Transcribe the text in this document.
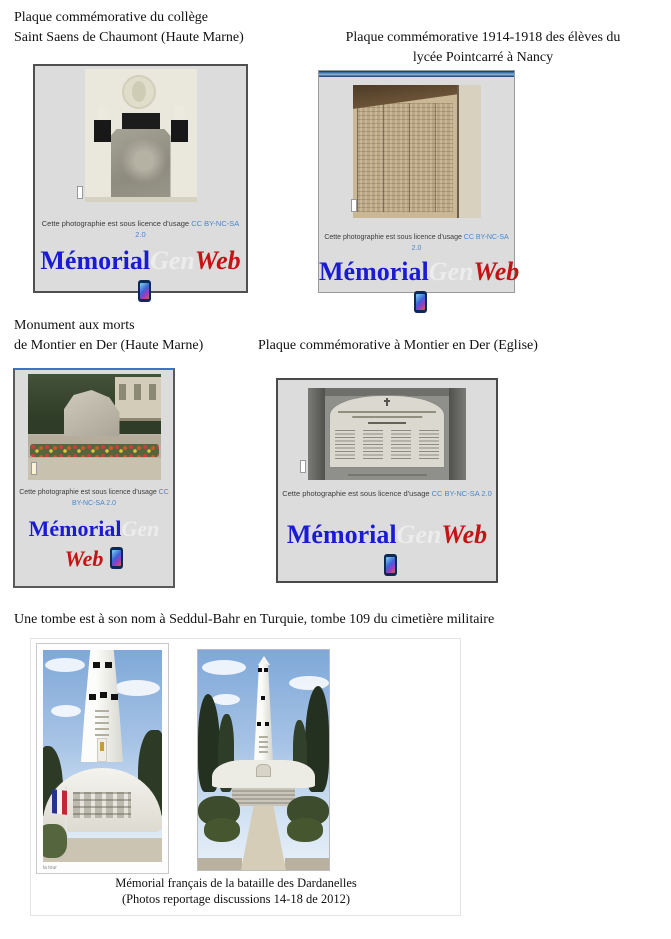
Plaque commémorative du collège
Saint Saens de Chaumont (Haute Marne)	Plaque commémorative 1914-1918 des élèves du
lycée Pointcarré à Nancy
Cette photographie est sous licence d'usage CC BY-NC-SA 2.0
MémorialGenWeb
Cette photographie est sous licence d'usage CC BY-NC-SA 2.0
MémorialGenWeb
Monument aux morts
de Montier en Der (Haute Marne)	Plaque commémorative à Montier en Der (Eglise)
Cette photographie est sous licence d'usage CC BY-NC-SA 2.0
MémorialGen
Web
Cette photographie est sous licence d'usage CC BY-NC-SA 2.0
MémorialGenWeb
Une tombe est à son nom à Seddul-Bahr en Turquie, tombe 109 du cimetière militaire
la tour
Mémorial français de la bataille des Dardanelles
(Photos reportage discussions 14-18 de 2012)
